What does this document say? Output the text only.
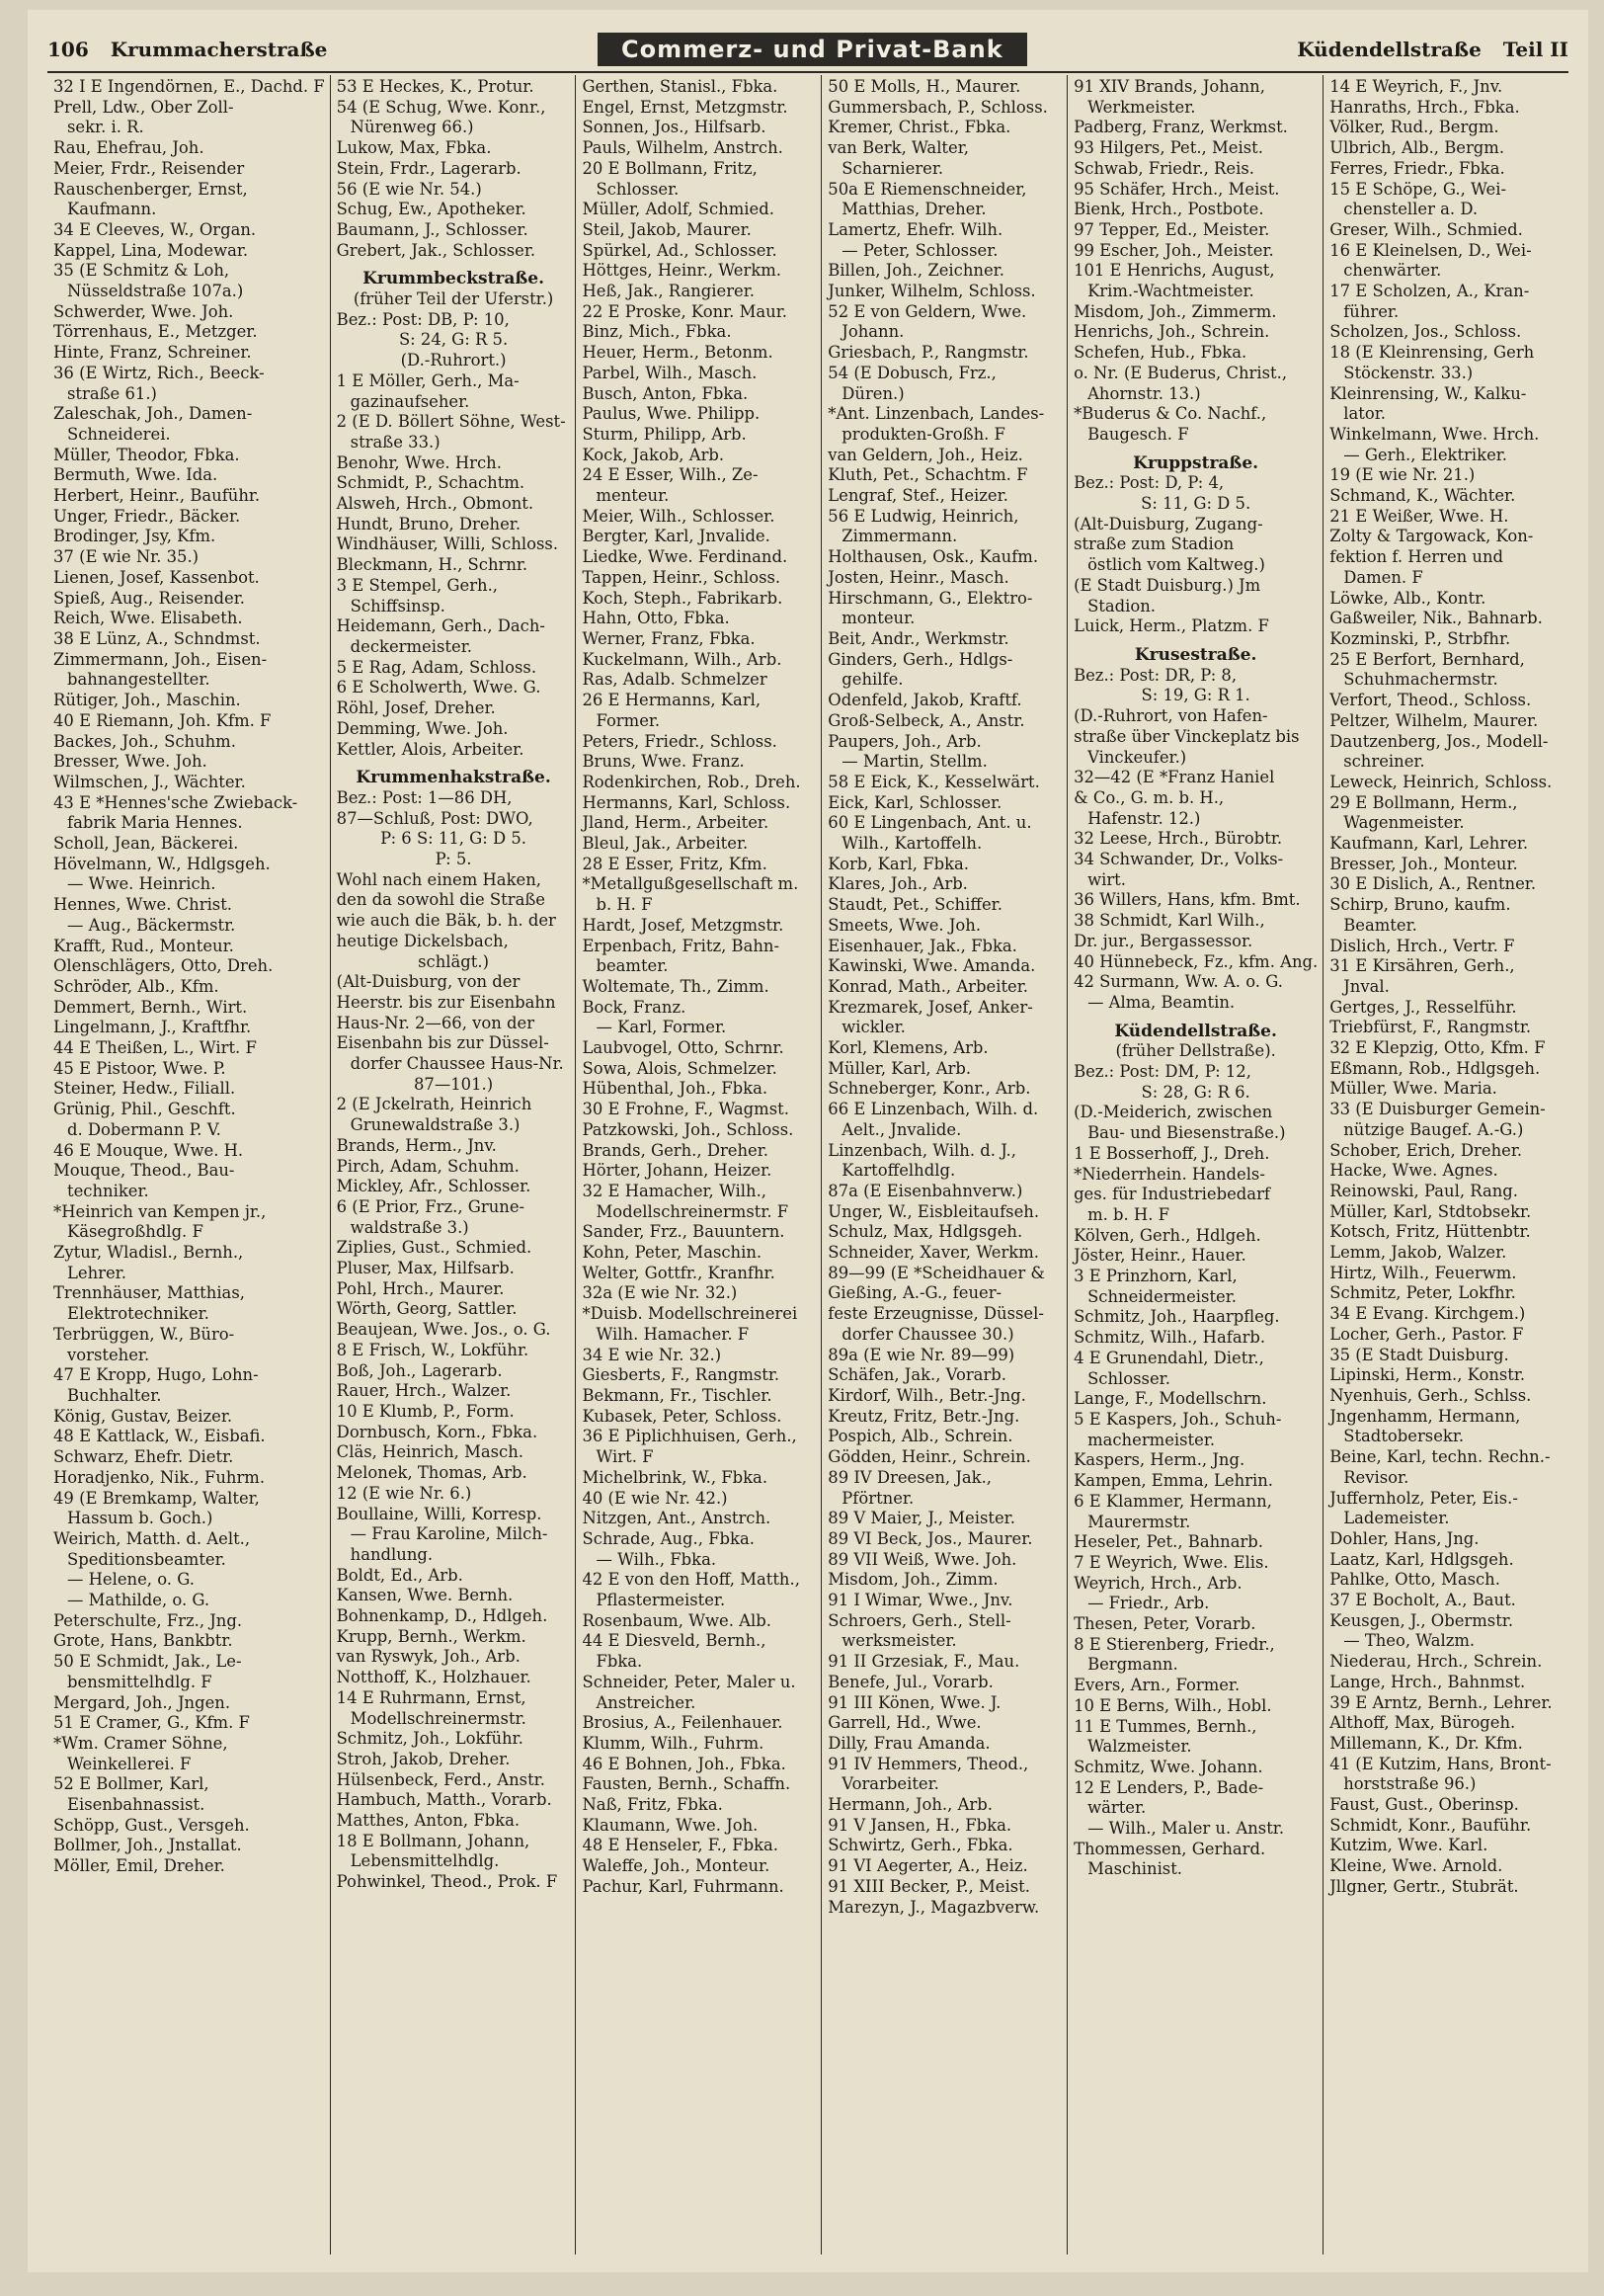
106 Krummacherstraße	Commerz- und Privat-Bank	Küdendellstraße Teil II
32 I E Ingendörnen, E., Dachd. F
Prell, Ldw., Ober Zoll-
sekr. i. R.
Rau, Ehefrau, Joh.
Meier, Frdr., Reisender
Rauschenberger, Ernst,
Kaufmann.
34 E Cleeves, W., Organ.
Kappel, Lina, Modewar.
35 (E Schmitz & Loh,
Nüsseldstraße 107a.)
Schwerder, Wwe. Joh.
Törrenhaus, E., Metzger.
Hinte, Franz, Schreiner.
36 (E Wirtz, Rich., Beeck-
straße 61.)
Zaleschak, Joh., Damen-
Schneiderei.
Müller, Theodor, Fbka.
Bermuth, Wwe. Ida.
Herbert, Heinr., Bauführ.
Unger, Friedr., Bäcker.
Brodinger, Jsy, Kfm.
37 (E wie Nr. 35.)
Lienen, Josef, Kassenbot.
Spieß, Aug., Reisender.
Reich, Wwe. Elisabeth.
38 E Lünz, A., Schndmst.
Zimmermann, Joh., Eisen-
bahnangestellter.
Rütiger, Joh., Maschin.
40 E Riemann, Joh. Kfm. F
Backes, Joh., Schuhm.
Bresser, Wwe. Joh.
Wilmschen, J., Wächter.
43 E *Hennes'sche Zwieback-
fabrik Maria Hennes.
Scholl, Jean, Bäckerei.
Hövelmann, W., Hdlgsgeh.
— Wwe. Heinrich.
Hennes, Wwe. Christ.
— Aug., Bäckermstr.
Krafft, Rud., Monteur.
Olenschlägers, Otto, Dreh.
Schröder, Alb., Kfm.
Demmert, Bernh., Wirt.
Lingelmann, J., Kraftfhr.
44 E Theißen, L., Wirt. F
45 E Pistoor, Wwe. P.
Steiner, Hedw., Filiall.
Grünig, Phil., Geschft.
d. Dobermann P. V.
46 E Mouque, Wwe. H.
Mouque, Theod., Bau-
techniker.
*Heinrich van Kempen jr.,
Käsegroßhdlg. F
Zytur, Wladisl., Bernh.,
Lehrer.
Trennhäuser, Matthias,
Elektrotechniker.
Terbrüggen, W., Büro-
vorsteher.
47 E Kropp, Hugo, Lohn-
Buchhalter.
König, Gustav, Beizer.
48 E Kattlack, W., Eisbafi.
Schwarz, Ehefr. Dietr.
Horadjenko, Nik., Fuhrm.
49 (E Bremkamp, Walter,
Hassum b. Goch.)
Weirich, Matth. d. Aelt.,
Speditionsbeamter.
— Helene, o. G.
— Mathilde, o. G.
Peterschulte, Frz., Jng.
Grote, Hans, Bankbtr.
50 E Schmidt, Jak., Le-
bensmittelhdlg. F
Mergard, Joh., Jngen.
51 E Cramer, G., Kfm. F
*Wm. Cramer Söhne,
Weinkellerei. F
52 E Bollmer, Karl,
Eisenbahnassist.
Schöpp, Gust., Versgeh.
Bollmer, Joh., Jnstallat.
Möller, Emil, Dreher.
53 E Heckes, K., Protur.
54 (E Schug, Wwe. Konr.,
Nürenweg 66.)
Lukow, Max, Fbka.
Stein, Frdr., Lagerarb.
56 (E wie Nr. 54.)
Schug, Ew., Apotheker.
Baumann, J., Schlosser.
Grebert, Jak., Schlosser.
Krummbeckstraße.
(früher Teil der Uferstr.)
Bez.: Post: DB, P: 10,
S: 24, G: R 5.
(D.-Ruhrort.)
1 E Möller, Gerh., Ma-
gazinaufseher.
2 (E D. Böllert Söhne, West-
straße 33.)
Benohr, Wwe. Hrch.
Schmidt, P., Schachtm.
Alsweh, Hrch., Obmont.
Hundt, Bruno, Dreher.
Windhäuser, Willi, Schloss.
Bleckmann, H., Schrnr.
3 E Stempel, Gerh.,
Schiffsinsp.
Heidemann, Gerh., Dach-
deckermeister.
5 E Rag, Adam, Schloss.
6 E Scholwerth, Wwe. G.
Röhl, Josef, Dreher.
Demming, Wwe. Joh.
Kettler, Alois, Arbeiter.
Krummenhakstraße.
Bez.: Post: 1—86 DH,
87—Schluß, Post: DWO,
P: 6 S: 11, G: D 5.
P: 5.
Wohl nach einem Haken,
den da sowohl die Straße
wie auch die Bäk, b. h. der
heutige Dickelsbach,
schlägt.)
(Alt-Duisburg, von der
Heerstr. bis zur Eisenbahn
Haus-Nr. 2—66, von der
Eisenbahn bis zur Düssel-
dorfer Chaussee Haus-Nr.
87—101.)
2 (E Jckelrath, Heinrich
Grunewaldstraße 3.)
Brands, Herm., Jnv.
Pirch, Adam, Schuhm.
Mickley, Afr., Schlosser.
6 (E Prior, Frz., Grune-
waldstraße 3.)
Ziplies, Gust., Schmied.
Pluser, Max, Hilfsarb.
Pohl, Hrch., Maurer.
Wörth, Georg, Sattler.
Beaujean, Wwe. Jos., o. G.
8 E Frisch, W., Lokführ.
Boß, Joh., Lagerarb.
Rauer, Hrch., Walzer.
10 E Klumb, P., Form.
Dornbusch, Korn., Fbka.
Cläs, Heinrich, Masch.
Melonek, Thomas, Arb.
12 (E wie Nr. 6.)
Boullaine, Willi, Korresp.
— Frau Karoline, Milch-
handlung.
Boldt, Ed., Arb.
Kansen, Wwe. Bernh.
Bohnenkamp, D., Hdlgeh.
Krupp, Bernh., Werkm.
van Ryswyk, Joh., Arb.
Notthoff, K., Holzhauer.
14 E Ruhrmann, Ernst,
Modellschreinermstr.
Schmitz, Joh., Lokführ.
Stroh, Jakob, Dreher.
Hülsenbeck, Ferd., Anstr.
Hambuch, Matth., Vorarb.
Matthes, Anton, Fbka.
18 E Bollmann, Johann,
Lebensmittelhdlg.
Pohwinkel, Theod., Prok. F
Gerthen, Stanisl., Fbka.
Engel, Ernst, Metzgmstr.
Sonnen, Jos., Hilfsarb.
Pauls, Wilhelm, Anstrch.
20 E Bollmann, Fritz,
Schlosser.
Müller, Adolf, Schmied.
Steil, Jakob, Maurer.
Spürkel, Ad., Schlosser.
Höttges, Heinr., Werkm.
Heß, Jak., Rangierer.
22 E Proske, Konr. Maur.
Binz, Mich., Fbka.
Heuer, Herm., Betonm.
Parbel, Wilh., Masch.
Busch, Anton, Fbka.
Paulus, Wwe. Philipp.
Sturm, Philipp, Arb.
Kock, Jakob, Arb.
24 E Esser, Wilh., Ze-
menteur.
Meier, Wilh., Schlosser.
Bergter, Karl, Jnvalide.
Liedke, Wwe. Ferdinand.
Tappen, Heinr., Schloss.
Koch, Steph., Fabrikarb.
Hahn, Otto, Fbka.
Werner, Franz, Fbka.
Kuckelmann, Wilh., Arb.
Ras, Adalb. Schmelzer
26 E Hermanns, Karl,
Former.
Peters, Friedr., Schloss.
Bruns, Wwe. Franz.
Rodenkirchen, Rob., Dreh.
Hermanns, Karl, Schloss.
Jland, Herm., Arbeiter.
Bleul, Jak., Arbeiter.
28 E Esser, Fritz, Kfm.
*Metallgußgesellschaft m.
b. H. F
Hardt, Josef, Metzgmstr.
Erpenbach, Fritz, Bahn-
beamter.
Woltemate, Th., Zimm.
Bock, Franz.
— Karl, Former.
Laubvogel, Otto, Schrnr.
Sowa, Alois, Schmelzer.
Hübenthal, Joh., Fbka.
30 E Frohne, F., Wagmst.
Patzkowski, Joh., Schloss.
Brands, Gerh., Dreher.
Hörter, Johann, Heizer.
32 E Hamacher, Wilh.,
Modellschreinermstr. F
Sander, Frz., Bauuntern.
Kohn, Peter, Maschin.
Welter, Gottfr., Kranfhr.
32a (E wie Nr. 32.)
*Duisb. Modellschreinerei
Wilh. Hamacher. F
34 E wie Nr. 32.)
Giesberts, F., Rangmstr.
Bekmann, Fr., Tischler.
Kubasek, Peter, Schloss.
36 E Piplichhuisen, Gerh.,
Wirt. F
Michelbrink, W., Fbka.
40 (E wie Nr. 42.)
Nitzgen, Ant., Anstrch.
Schrade, Aug., Fbka.
— Wilh., Fbka.
42 E von den Hoff, Matth.,
Pflastermeister.
Rosenbaum, Wwe. Alb.
44 E Diesveld, Bernh.,
Fbka.
Schneider, Peter, Maler u.
Anstreicher.
Brosius, A., Feilenhauer.
Klumm, Wilh., Fuhrm.
46 E Bohnen, Joh., Fbka.
Fausten, Bernh., Schaffn.
Naß, Fritz, Fbka.
Klaumann, Wwe. Joh.
48 E Henseler, F., Fbka.
Waleffe, Joh., Monteur.
Pachur, Karl, Fuhrmann.
50 E Molls, H., Maurer.
Gummersbach, P., Schloss.
Kremer, Christ., Fbka.
van Berk, Walter,
Scharnierer.
50a E Riemenschneider,
Matthias, Dreher.
Lamertz, Ehefr. Wilh.
— Peter, Schlosser.
Billen, Joh., Zeichner.
Junker, Wilhelm, Schloss.
52 E von Geldern, Wwe.
Johann.
Griesbach, P., Rangmstr.
54 (E Dobusch, Frz.,
Düren.)
*Ant. Linzenbach, Landes-
produkten-Großh. F
van Geldern, Joh., Heiz.
Kluth, Pet., Schachtm. F
Lengraf, Stef., Heizer.
56 E Ludwig, Heinrich,
Zimmermann.
Holthausen, Osk., Kaufm.
Josten, Heinr., Masch.
Hirschmann, G., Elektro-
monteur.
Beit, Andr., Werkmstr.
Ginders, Gerh., Hdlgs-
gehilfe.
Odenfeld, Jakob, Kraftf.
Groß-Selbeck, A., Anstr.
Paupers, Joh., Arb.
— Martin, Stellm.
58 E Eick, K., Kesselwärt.
Eick, Karl, Schlosser.
60 E Lingenbach, Ant. u.
Wilh., Kartoffelh.
Korb, Karl, Fbka.
Klares, Joh., Arb.
Staudt, Pet., Schiffer.
Smeets, Wwe. Joh.
Eisenhauer, Jak., Fbka.
Kawinski, Wwe. Amanda.
Konrad, Math., Arbeiter.
Krezmarek, Josef, Anker-
wickler.
Korl, Klemens, Arb.
Müller, Karl, Arb.
Schneberger, Konr., Arb.
66 E Linzenbach, Wilh. d.
Aelt., Jnvalide.
Linzenbach, Wilh. d. J.,
Kartoffelhdlg.
87a (E Eisenbahnverw.)
Unger, W., Eisbleitaufseh.
Schulz, Max, Hdlgsgeh.
Schneider, Xaver, Werkm.
89—99 (E *Scheidhauer &
Gießing, A.-G., feuer-
feste Erzeugnisse, Düssel-
dorfer Chaussee 30.)
89a (E wie Nr. 89—99)
Schäfen, Jak., Vorarb.
Kirdorf, Wilh., Betr.-Jng.
Kreutz, Fritz, Betr.-Jng.
Pospich, Alb., Schrein.
Gödden, Heinr., Schrein.
89 IV Dreesen, Jak.,
Pförtner.
89 V Maier, J., Meister.
89 VI Beck, Jos., Maurer.
89 VII Weiß, Wwe. Joh.
Misdom, Joh., Zimm.
91 I Wimar, Wwe., Jnv.
Schroers, Gerh., Stell-
werksmeister.
91 II Grzesiak, F., Mau.
Benefe, Jul., Vorarb.
91 III Könen, Wwe. J.
Garrell, Hd., Wwe.
Dilly, Frau Amanda.
91 IV Hemmers, Theod.,
Vorarbeiter.
Hermann, Joh., Arb.
91 V Jansen, H., Fbka.
Schwirtz, Gerh., Fbka.
91 VI Aegerter, A., Heiz.
91 XIII Becker, P., Meist.
Marezyn, J., Magazbverw.
91 XIV Brands, Johann,
Werkmeister.
Padberg, Franz, Werkmst.
93 Hilgers, Pet., Meist.
Schwab, Friedr., Reis.
95 Schäfer, Hrch., Meist.
Bienk, Hrch., Postbote.
97 Tepper, Ed., Meister.
99 Escher, Joh., Meister.
101 E Henrichs, August,
Krim.-Wachtmeister.
Misdom, Joh., Zimmerm.
Henrichs, Joh., Schrein.
Schefen, Hub., Fbka.
o. Nr. (E Buderus, Christ.,
Ahornstr. 13.)
*Buderus & Co. Nachf.,
Baugesch. F
Kruppstraße.
Bez.: Post: D, P: 4,
S: 11, G: D 5.
(Alt-Duisburg, Zugang-
straße zum Stadion
östlich vom Kaltweg.)
(E Stadt Duisburg.) Jm
Stadion.
Luick, Herm., Platzm. F
Krusestraße.
Bez.: Post: DR, P: 8,
S: 19, G: R 1.
(D.-Ruhrort, von Hafen-
straße über Vinckeplatz bis
Vinckeufer.)
32—42 (E *Franz Haniel
& Co., G. m. b. H.,
Hafenstr. 12.)
32 Leese, Hrch., Bürobtr.
34 Schwander, Dr., Volks-
wirt.
36 Willers, Hans, kfm. Bmt.
38 Schmidt, Karl Wilh.,
Dr. jur., Bergassessor.
40 Hünnebeck, Fz., kfm. Ang.
42 Surmann, Ww. A. o. G.
— Alma, Beamtin.
Küdendellstraße.
(früher Dellstraße).
Bez.: Post: DM, P: 12,
S: 28, G: R 6.
(D.-Meiderich, zwischen
Bau- und Biesenstraße.)
1 E Bosserhoff, J., Dreh.
*Niederrhein. Handels-
ges. für Industriebedarf
m. b. H. F
Kölven, Gerh., Hdlgeh.
Jöster, Heinr., Hauer.
3 E Prinzhorn, Karl,
Schneidermeister.
Schmitz, Joh., Haarpfleg.
Schmitz, Wilh., Hafarb.
4 E Grunendahl, Dietr.,
Schlosser.
Lange, F., Modellschrn.
5 E Kaspers, Joh., Schuh-
machermeister.
Kaspers, Herm., Jng.
Kampen, Emma, Lehrin.
6 E Klammer, Hermann,
Maurermstr.
Heseler, Pet., Bahnarb.
7 E Weyrich, Wwe. Elis.
Weyrich, Hrch., Arb.
— Friedr., Arb.
Thesen, Peter, Vorarb.
8 E Stierenberg, Friedr.,
Bergmann.
Evers, Arn., Former.
10 E Berns, Wilh., Hobl.
11 E Tummes, Bernh.,
Walzmeister.
Schmitz, Wwe. Johann.
12 E Lenders, P., Bade-
wärter.
— Wilh., Maler u. Anstr.
Thommessen, Gerhard.
Maschinist.
14 E Weyrich, F., Jnv.
Hanraths, Hrch., Fbka.
Völker, Rud., Bergm.
Ulbrich, Alb., Bergm.
Ferres, Friedr., Fbka.
15 E Schöpe, G., Wei-
chensteller a. D.
Greser, Wilh., Schmied.
16 E Kleinelsen, D., Wei-
chenwärter.
17 E Scholzen, A., Kran-
führer.
Scholzen, Jos., Schloss.
18 (E Kleinrensing, Gerh
Stöckenstr. 33.)
Kleinrensing, W., Kalku-
lator.
Winkelmann, Wwe. Hrch.
— Gerh., Elektriker.
19 (E wie Nr. 21.)
Schmand, K., Wächter.
21 E Weißer, Wwe. H.
Zolty & Targowack, Kon-
fektion f. Herren und
Damen. F
Löwke, Alb., Kontr.
Gaßweiler, Nik., Bahnarb.
Kozminski, P., Strbfhr.
25 E Berfort, Bernhard,
Schuhmachermstr.
Verfort, Theod., Schloss.
Peltzer, Wilhelm, Maurer.
Dautzenberg, Jos., Modell-
schreiner.
Leweck, Heinrich, Schloss.
29 E Bollmann, Herm.,
Wagenmeister.
Kaufmann, Karl, Lehrer.
Bresser, Joh., Monteur.
30 E Dislich, A., Rentner.
Schirp, Bruno, kaufm.
Beamter.
Dislich, Hrch., Vertr. F
31 E Kirsähren, Gerh.,
Jnval.
Gertges, J., Resselführ.
Triebfürst, F., Rangmstr.
32 E Klepzig, Otto, Kfm. F
Eßmann, Rob., Hdlgsgeh.
Müller, Wwe. Maria.
33 (E Duisburger Gemein-
nützige Baugef. A.-G.)
Schober, Erich, Dreher.
Hacke, Wwe. Agnes.
Reinowski, Paul, Rang.
Müller, Karl, Stdtobsekr.
Kotsch, Fritz, Hüttenbtr.
Lemm, Jakob, Walzer.
Hirtz, Wilh., Feuerwm.
Schmitz, Peter, Lokfhr.
34 E Evang. Kirchgem.)
Locher, Gerh., Pastor. F
35 (E Stadt Duisburg.
Lipinski, Herm., Konstr.
Nyenhuis, Gerh., Schlss.
Jngenhamm, Hermann,
Stadtobersekr.
Beine, Karl, techn. Rechn.-
Revisor.
Juffernholz, Peter, Eis.-
Lademeister.
Dohler, Hans, Jng.
Laatz, Karl, Hdlgsgeh.
Pahlke, Otto, Masch.
37 E Bocholt, A., Baut.
Keusgen, J., Obermstr.
— Theo, Walzm.
Niederau, Hrch., Schrein.
Lange, Hrch., Bahnmst.
39 E Arntz, Bernh., Lehrer.
Althoff, Max, Bürogeh.
Millemann, K., Dr. Kfm.
41 (E Kutzim, Hans, Bront-
horststraße 96.)
Faust, Gust., Oberinsp.
Schmidt, Konr., Bauführ.
Kutzim, Wwe. Karl.
Kleine, Wwe. Arnold.
Jllgner, Gertr., Stubrät.
